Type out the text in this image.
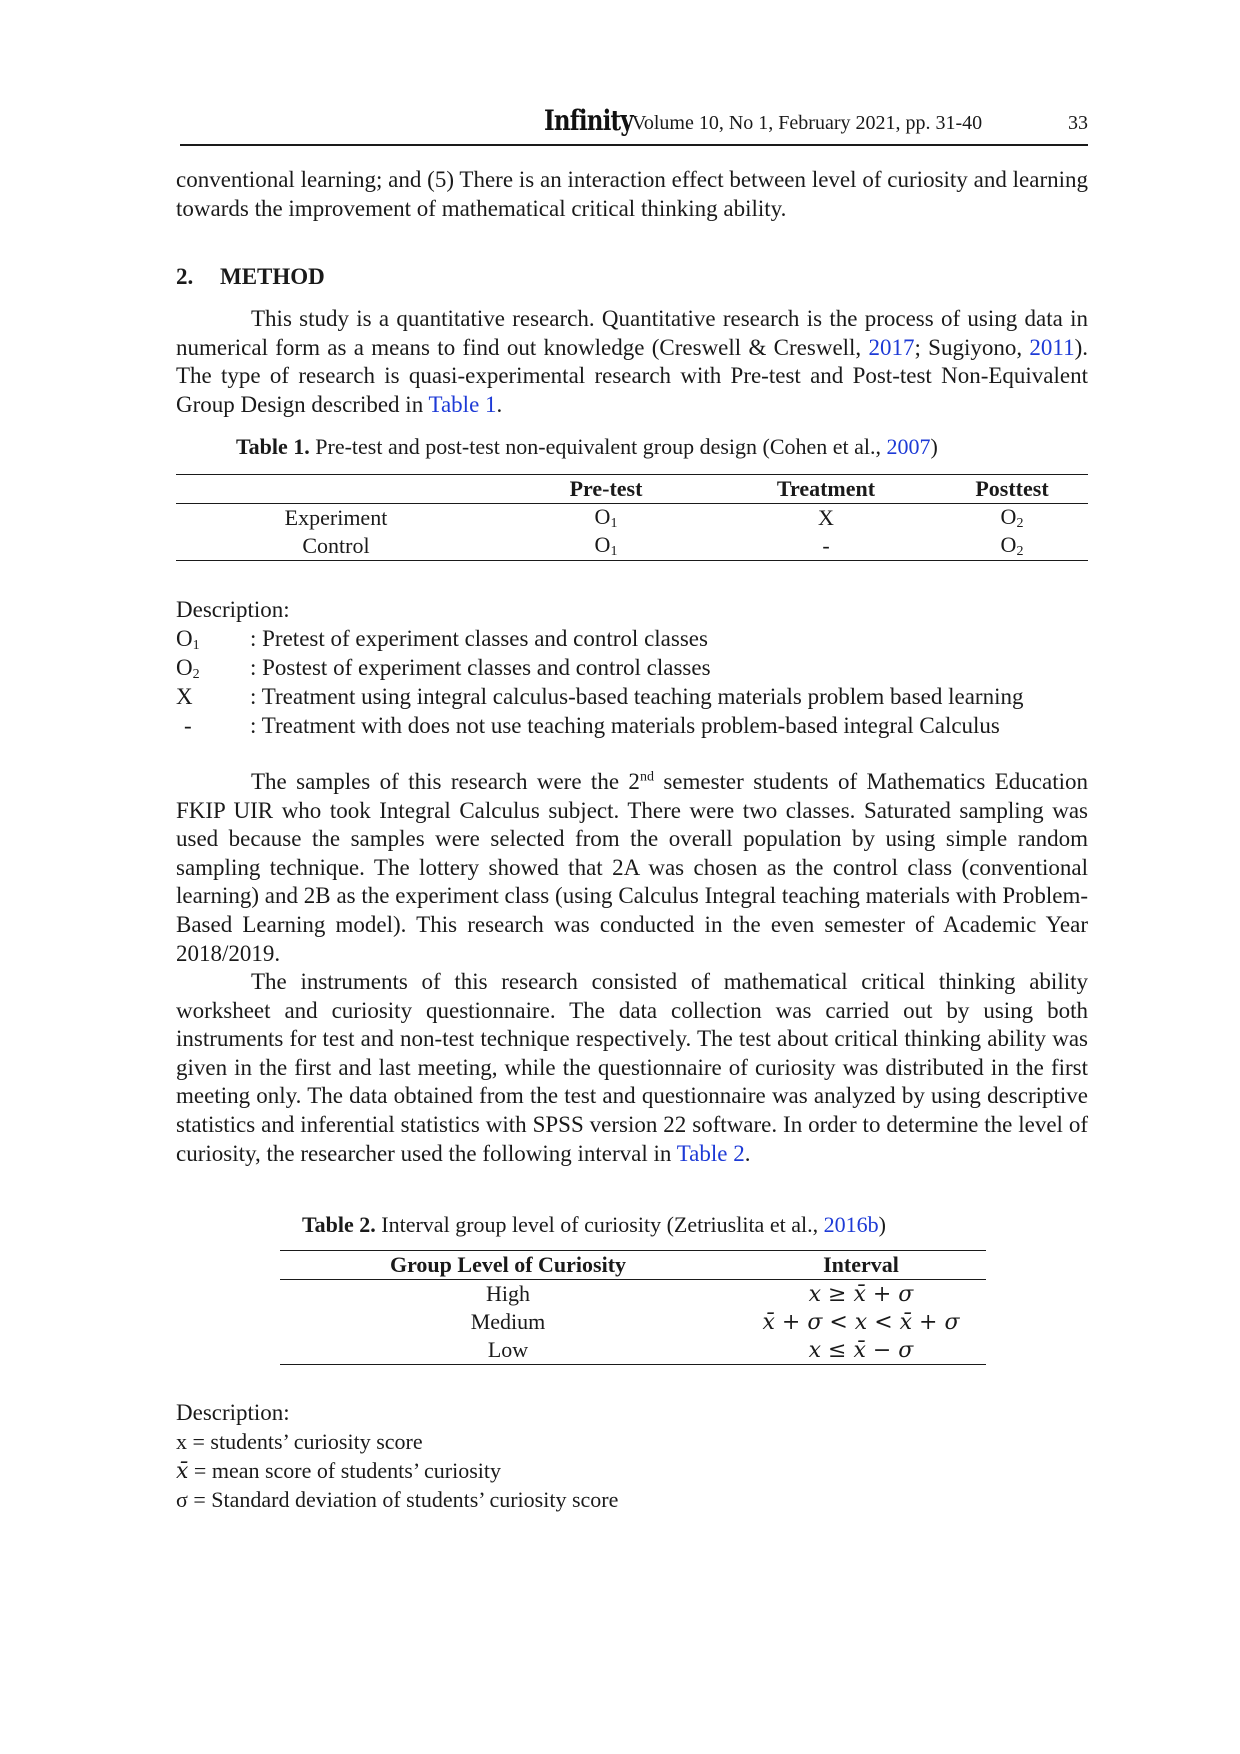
Infinity Volume 10, No 1, February 2021, pp. 31-40	33

conventional learning; and (5) There is an interaction effect between level of curiosity and learning towards the improvement of mathematical critical thinking ability.

2. METHOD

This study is a quantitative research. Quantitative research is the process of using data in numerical form as a means to find out knowledge (Creswell & Creswell, 2017; Sugiyono, 2011). The type of research is quasi-experimental research with Pre-test and Post-test Non-Equivalent Group Design described in Table 1.

Table 1. Pre-test and post-test non-equivalent group design (Cohen et al., 2007)
	Pre-test	Treatment	Posttest
Experiment	$O_1$	X	$O_2$
Control	$O_1$	-	$O_2$
Description:
$O_1$ : Pretest of experiment classes and control classes
$O_2$ : Postest of experiment classes and control classes
X : Treatment using integral calculus-based teaching materials problem based learning
-	: Treatment with does not use teaching materials problem-based integral Calculus

The samples of this research were the 2nd semester students of Mathematics Education FKIP UIR who took Integral Calculus subject. There were two classes. Saturated sampling was used because the samples were selected from the overall population by using simple random sampling technique. The lottery showed that 2A was chosen as the control class (conventional learning) and 2B as the experiment class (using Calculus Integral teaching materials with Problem-Based Learning model). This research was conducted in the even semester of Academic Year 2018/2019.

The instruments of this research consisted of mathematical critical thinking ability worksheet and curiosity questionnaire. The data collection was carried out by using both instruments for test and non-test technique respectively. The test about critical thinking ability was given in the first and last meeting, while the questionnaire of curiosity was distributed in the first meeting only. The data obtained from the test and questionnaire was analyzed by using descriptive statistics and inferential statistics with SPSS version 22 software. In order to determine the level of curiosity, the researcher used the following interval in Table 2.

Table 2. Interval group level of curiosity (Zetriuslita et al., 2016b)
Group Level of Curiosity	Interval
High	x ≥ x̄ + σ
Medium	x̄ + σ < x < x̄ + σ
Low	x ≤ x̄ − σ
Description:
x = students’ curiosity score
x̄ = mean score of students’ curiosity
σ = Standard deviation of students’ curiosity score
